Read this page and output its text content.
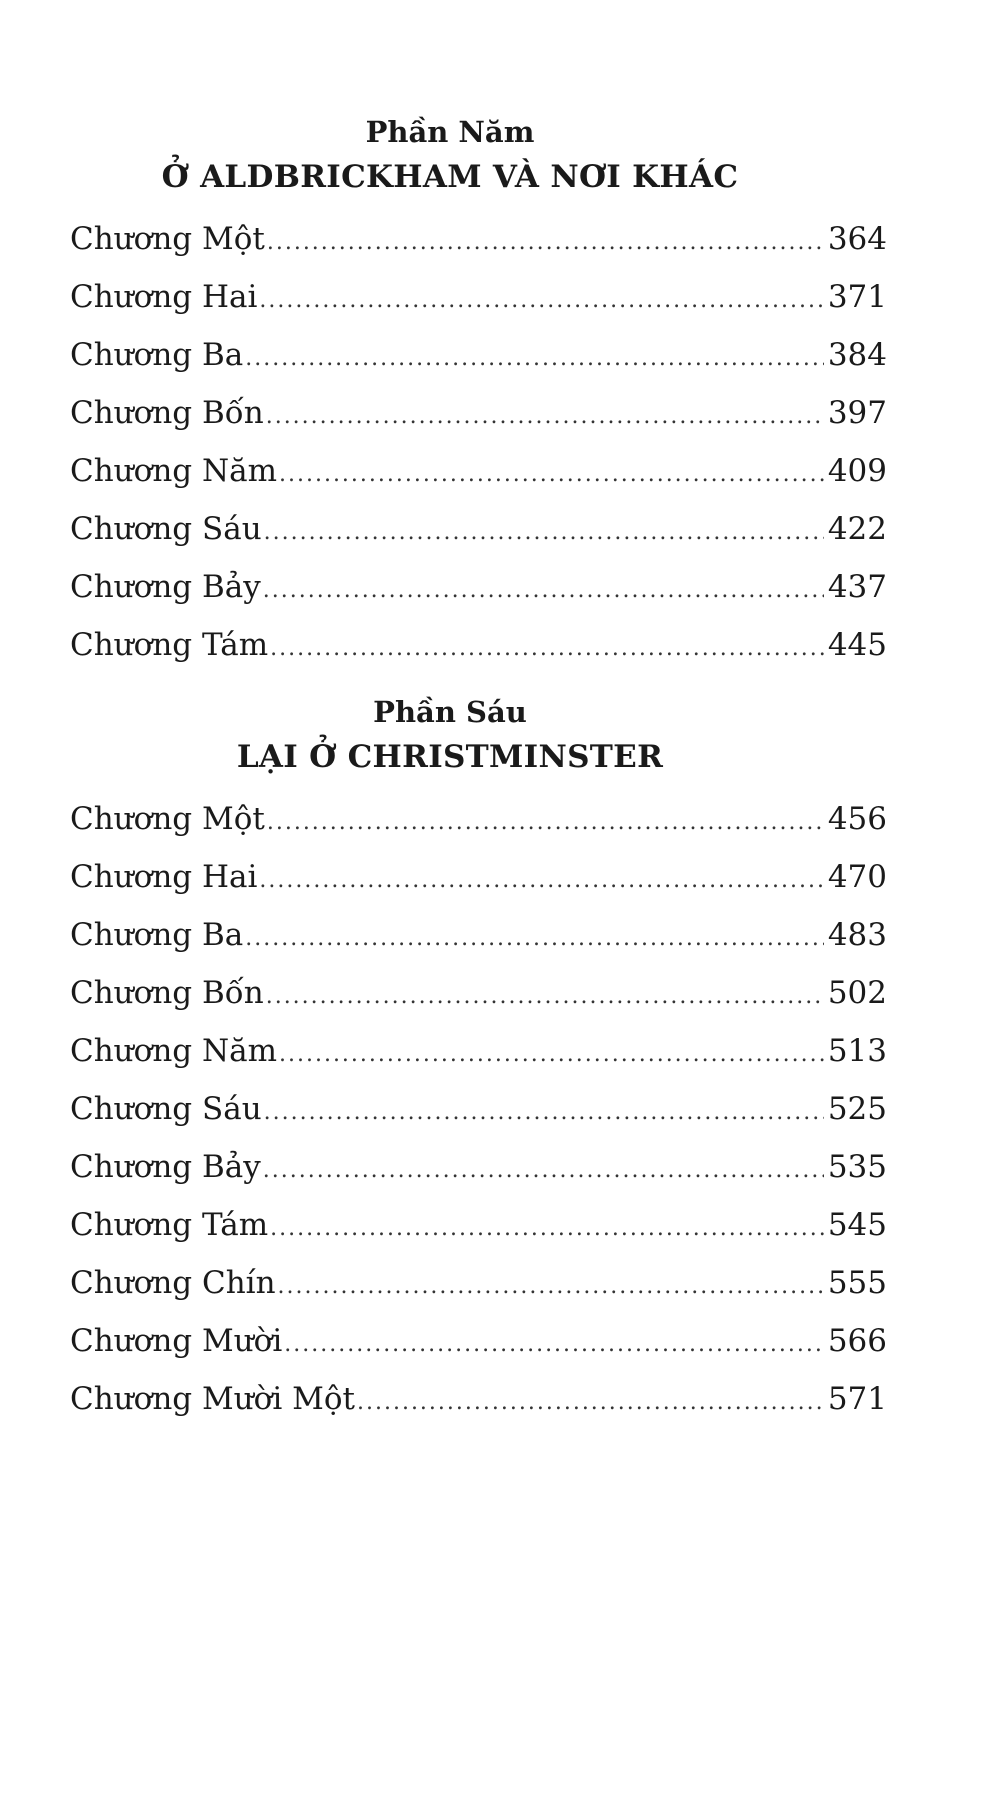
Phần Năm
Ở ALDBRICKHAM VÀ NƠI KHÁC
Chương Một .....	364
Chương Hai .....	371
Chương Ba .....	384
Chương Bốn .....	397
Chương Năm .....	409
Chương Sáu .....	422
Chương Bảy .....	437
Chương Tám .....	445
Phần Sáu
LẠI Ở CHRISTMINSTER
Chương Một .....	456
Chương Hai .....	470
Chương Ba .....	483
Chương Bốn .....	502
Chương Năm .....	513
Chương Sáu .....	525
Chương Bảy .....	535
Chương Tám .....	545
Chương Chín .....	555
Chương Mười .....	566
Chương Mười Một .....	571
